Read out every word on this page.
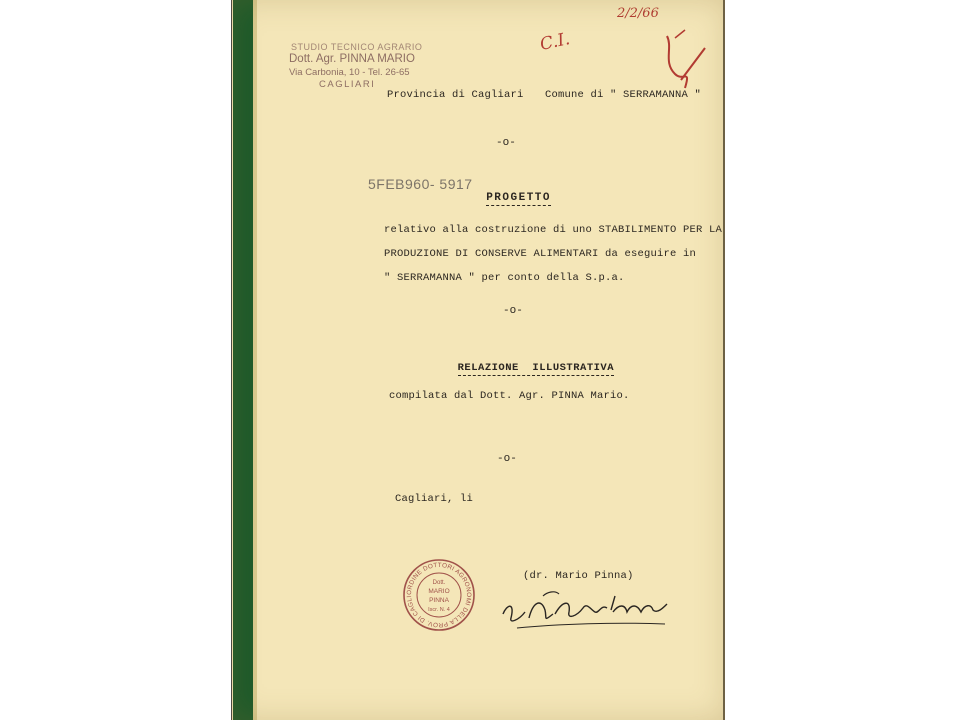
STUDIO TECNICO AGRARIO
Dott. Agr. PINNA MARIO
Via Carbonia, 10 - Tel. 26-65
CAGLIARI
2/2/66
C.I.
Provincia di Cagliari Comune di " SERRAMANNA "
-o-
5FEB960- 5917

PROGETTO

relativo alla costruzione di uno STABILIMENTO PER LA
PRODUZIONE DI CONSERVE ALIMENTARI da eseguire in
" SERRAMANNA " per conto della S.p.a.
-o-

RELAZIONE  ILLUSTRATIVA

compilata dal Dott. Agr. PINNA Mario.
-o-
Cagliari, li
(dr. Mario Pinna)
ORDINE DOTTORI AGRONOMI DELLA PROV. DI CAGLI
Dott.
MARIO
PINNA
Iscr. N. 4
